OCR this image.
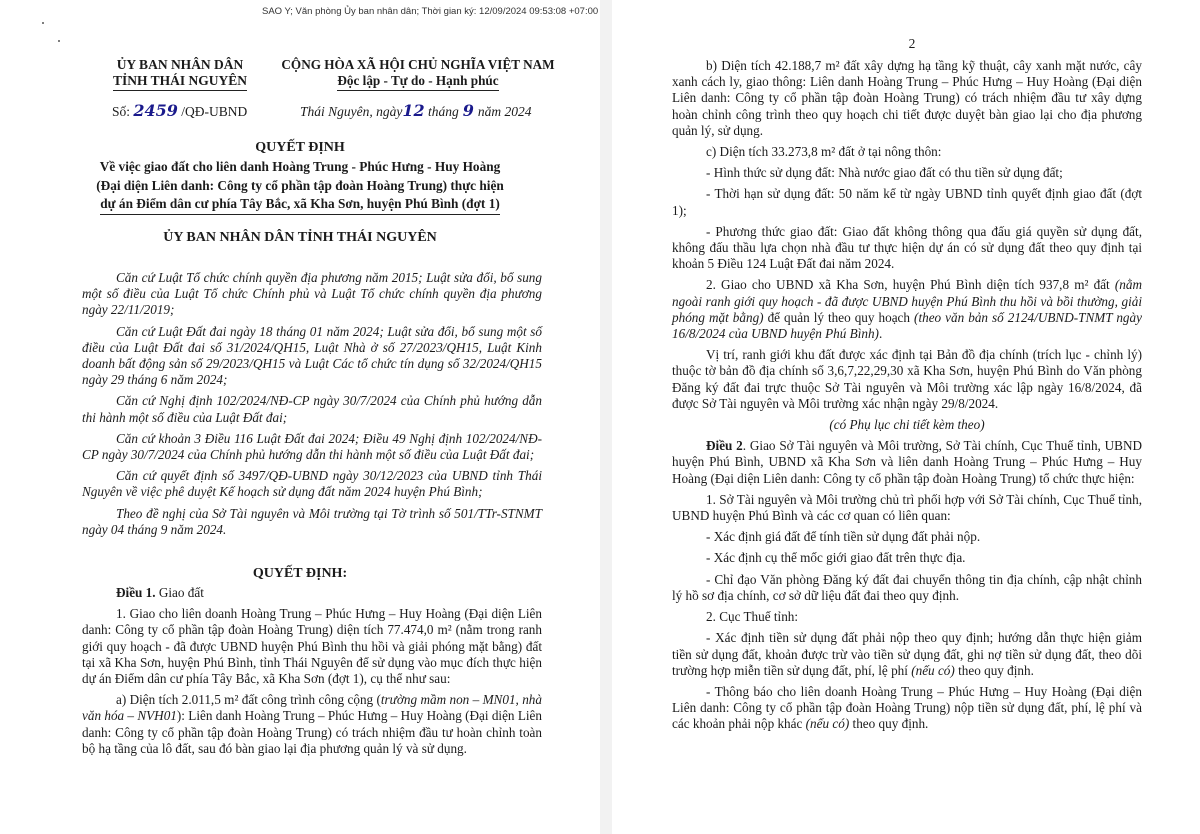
SAO Y; Văn phòng Ủy ban nhân dân; Thời gian ký: 12/09/2024 09:53:08 +07:00
ỦY BAN NHÂN DÂN
TỈNH THÁI NGUYÊN
CỘNG HÒA XÃ HỘI CHỦ NGHĨA VIỆT NAM
Độc lập - Tự do - Hạnh phúc
Số: 2459 /QĐ-UBND	Thái Nguyên, ngày12 tháng 9 năm 2024
QUYẾT ĐỊNH
Về việc giao đất cho liên danh Hoàng Trung - Phúc Hưng - Huy Hoàng
(Đại diện Liên danh: Công ty cổ phần tập đoàn Hoàng Trung) thực hiện
dự án Điểm dân cư phía Tây Bắc, xã Kha Sơn, huyện Phú Bình (đợt 1)
ỦY BAN NHÂN DÂN TỈNH THÁI NGUYÊN

Căn cứ Luật Tổ chức chính quyền địa phương năm 2015; Luật sửa đổi, bổ sung một số điều của Luật Tổ chức Chính phủ và Luật Tổ chức chính quyền địa phương ngày 22/11/2019;

Căn cứ Luật Đất đai ngày 18 tháng 01 năm 2024; Luật sửa đổi, bổ sung một số điều của Luật Đất đai số 31/2024/QH15, Luật Nhà ở số 27/2023/QH15, Luật Kinh doanh bất động sản số 29/2023/QH15 và Luật Các tổ chức tín dụng số 32/2024/QH15 ngày 29 tháng 6 năm 2024;

Căn cứ Nghị định 102/2024/NĐ-CP ngày 30/7/2024 của Chính phủ hướng dẫn thi hành một số điều của Luật Đất đai;

Căn cứ khoản 3 Điều 116 Luật Đất đai 2024; Điều 49 Nghị định 102/2024/NĐ-CP ngày 30/7/2024 của Chính phủ hướng dẫn thi hành một số điều của Luật Đất đai;

Căn cứ quyết định số 3497/QĐ-UBND ngày 30/12/2023 của UBND tỉnh Thái Nguyên về việc phê duyệt Kế hoạch sử dụng đất năm 2024 huyện Phú Bình;

Theo đề nghị của Sở Tài nguyên và Môi trường tại Tờ trình số 501/TTr-STNMT ngày 04 tháng 9 năm 2024.

QUYẾT ĐỊNH:

Điều 1. Giao đất

1. Giao cho liên doanh Hoàng Trung – Phúc Hưng – Huy Hoàng (Đại diện Liên danh: Công ty cổ phần tập đoàn Hoàng Trung) diện tích 77.474,0 m² (nằm trong ranh giới quy hoạch - đã được UBND huyện Phú Bình thu hồi và giải phóng mặt bằng) đất tại xã Kha Sơn, huyện Phú Bình, tỉnh Thái Nguyên để sử dụng vào mục đích thực hiện dự án Điểm dân cư phía Tây Bắc, xã Kha Sơn (đợt 1), cụ thể như sau:

a) Diện tích 2.011,5 m² đất công trình công cộng (trường mầm non – MN01, nhà văn hóa – NVH01): Liên danh Hoàng Trung – Phúc Hưng – Huy Hoàng (Đại diện Liên danh: Công ty cổ phần tập đoàn Hoàng Trung) có trách nhiệm đầu tư hoàn chỉnh toàn bộ hạ tầng của lô đất, sau đó bàn giao lại địa phương quản lý và sử dụng.

2

b) Diện tích 42.188,7 m² đất xây dựng hạ tầng kỹ thuật, cây xanh mặt nước, cây xanh cách ly, giao thông: Liên danh Hoàng Trung – Phúc Hưng – Huy Hoàng (Đại diện Liên danh: Công ty cổ phần tập đoàn Hoàng Trung) có trách nhiệm đầu tư xây dựng hoàn chỉnh công trình theo quy hoạch chi tiết được duyệt bàn giao lại cho địa phương quản lý, sử dụng.

c) Diện tích 33.273,8 m² đất ở tại nông thôn:

- Hình thức sử dụng đất: Nhà nước giao đất có thu tiền sử dụng đất;

- Thời hạn sử dụng đất: 50 năm kể từ ngày UBND tỉnh quyết định giao đất (đợt 1);

- Phương thức giao đất: Giao đất không thông qua đấu giá quyền sử dụng đất, không đấu thầu lựa chọn nhà đầu tư thực hiện dự án có sử dụng đất theo quy định tại khoản 5 Điều 124 Luật Đất đai năm 2024.

2. Giao cho UBND xã Kha Sơn, huyện Phú Bình diện tích 937,8 m² đất (nằm ngoài ranh giới quy hoạch - đã được UBND huyện Phú Bình thu hồi và bồi thường, giải phóng mặt bằng) để quản lý theo quy hoạch (theo văn bản số 2124/UBND-TNMT ngày 16/8/2024 của UBND huyện Phú Bình).

Vị trí, ranh giới khu đất được xác định tại Bản đồ địa chính (trích lục - chỉnh lý) thuộc tờ bản đồ địa chính số 3,6,7,22,29,30 xã Kha Sơn, huyện Phú Bình do Văn phòng Đăng ký đất đai trực thuộc Sở Tài nguyên và Môi trường xác lập ngày 16/8/2024, đã được Sở Tài nguyên và Môi trường xác nhận ngày 29/8/2024.

(có Phụ lục chi tiết kèm theo)

Điều 2. Giao Sở Tài nguyên và Môi trường, Sở Tài chính, Cục Thuế tỉnh, UBND huyện Phú Bình, UBND xã Kha Sơn và liên danh Hoàng Trung – Phúc Hưng – Huy Hoàng (Đại diện Liên danh: Công ty cổ phần tập đoàn Hoàng Trung) tổ chức thực hiện:

1. Sở Tài nguyên và Môi trường chủ trì phối hợp với Sở Tài chính, Cục Thuế tỉnh, UBND huyện Phú Bình và các cơ quan có liên quan:

- Xác định giá đất để tính tiền sử dụng đất phải nộp.

- Xác định cụ thể mốc giới giao đất trên thực địa.

- Chỉ đạo Văn phòng Đăng ký đất đai chuyển thông tin địa chính, cập nhật chỉnh lý hồ sơ địa chính, cơ sở dữ liệu đất đai theo quy định.

2. Cục Thuế tỉnh:

- Xác định tiền sử dụng đất phải nộp theo quy định; hướng dẫn thực hiện giảm tiền sử dụng đất, khoản được trừ vào tiền sử dụng đất, ghi nợ tiền sử dụng đất, theo dõi trường hợp miễn tiền sử dụng đất, phí, lệ phí (nếu có) theo quy định.

- Thông báo cho liên doanh Hoàng Trung – Phúc Hưng – Huy Hoàng (Đại diện Liên danh: Công ty cổ phần tập đoàn Hoàng Trung) nộp tiền sử dụng đất, phí, lệ phí và các khoản phải nộp khác (nếu có) theo quy định.
